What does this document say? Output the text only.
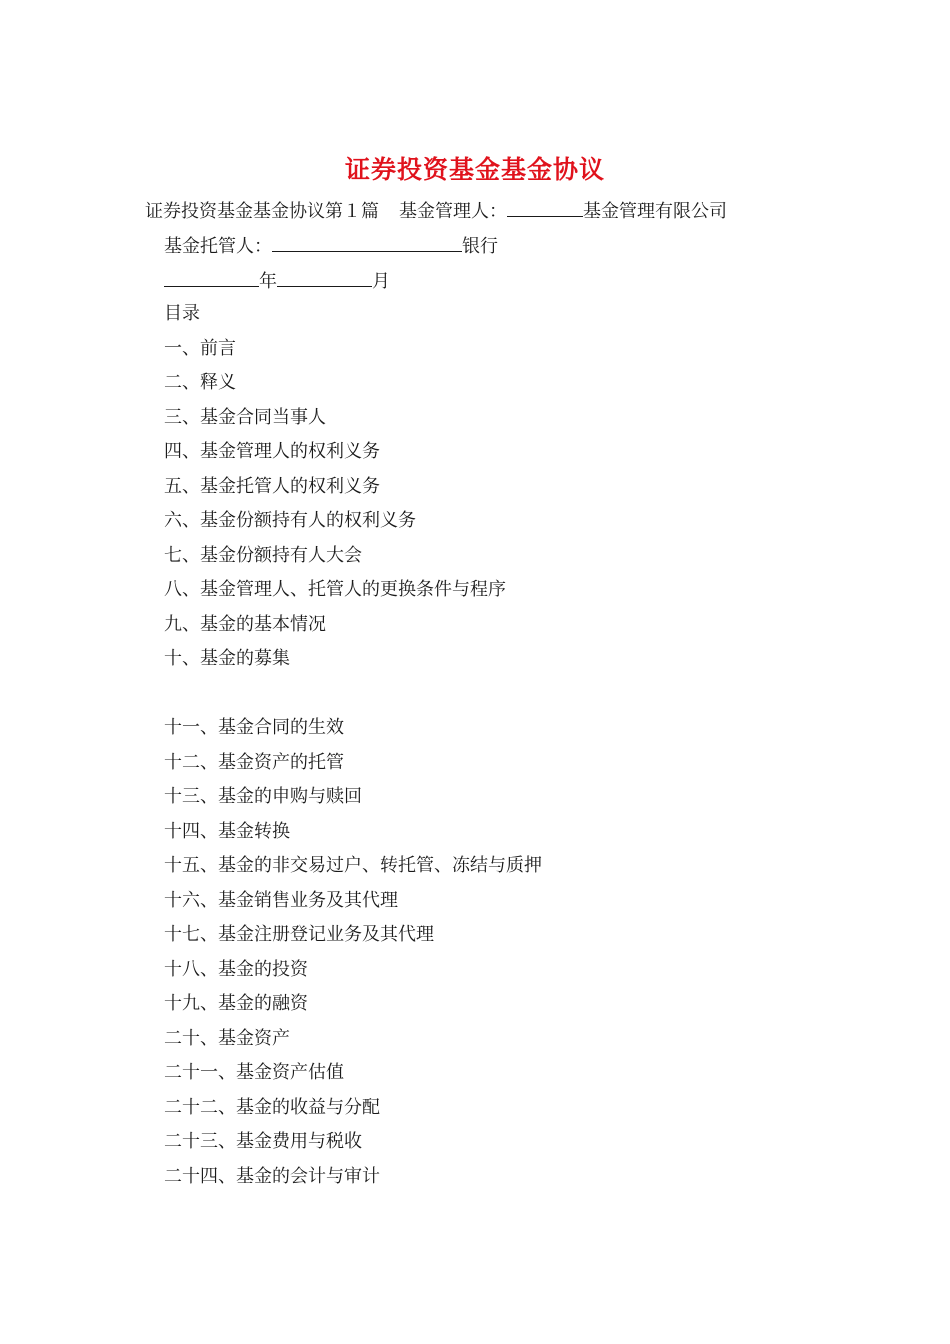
证券投资基金基金协议
证券投资基金基金协议第１篇 基金管理人：	基金管理有限公司
基金托管人：	银行
年	月
目录
一、前言
二、释义
三、基金合同当事人
四、基金管理人的权利义务
五、基金托管人的权利义务
六、基金份额持有人的权利义务
七、基金份额持有人大会
八、基金管理人、托管人的更换条件与程序
九、基金的基本情况
十、基金的募集
十一、基金合同的生效
十二、基金资产的托管
十三、基金的申购与赎回
十四、基金转换
十五、基金的非交易过户、转托管、冻结与质押
十六、基金销售业务及其代理
十七、基金注册登记业务及其代理
十八、基金的投资
十九、基金的融资
二十、基金资产
二十一、基金资产估值
二十二、基金的收益与分配
二十三、基金费用与税收
二十四、基金的会计与审计
